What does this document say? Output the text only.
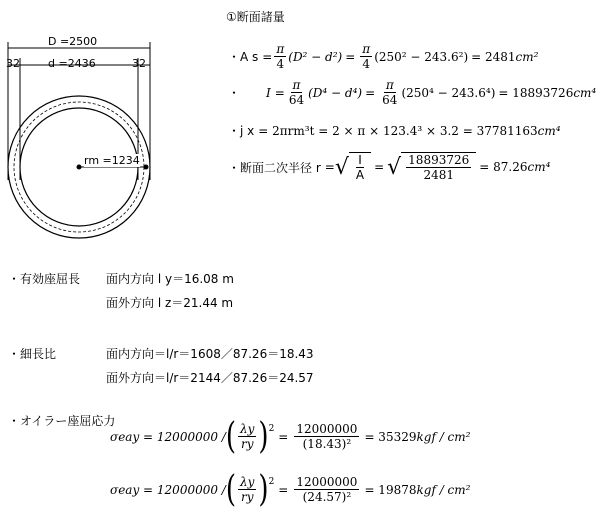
①断面諸量
D =2500
32	d =2436	32
rm =1234
・ A $s = \frac{\pi}{4} (D^2 - d^2) = \frac{\pi}{4} (250^2 - 243.6^2) = 2481$ cm²
・ $I = \frac{\pi}{64} (D^4 - d^4) = \frac{\pi}{64} (250^4 - 243.6^4) = 18893726$ cm⁴
・ j x = 2πrm³t = 2 × π × 123.4³ × 3.2 = 37781163 cm⁴
・ 断面二次半径 r = √ $\frac{I}{A}$ = √ $\frac{18893726}{2481} = 87.26$ cm⁴
・有効座屈長 面内方向 l y＝16.08 m
面外方向 l z＝21.44 m
・細長比	面内方向＝l/r＝1608／87.26＝18.43
面外方向＝l/r＝2144／87.26＝24.57
・オイラー座屈応力
σeay = 12000000 / ( $\frac{\lambda y}{ry}$ ) 2
= $\frac{12000000}{\text{(18.43)²}} = 35329$ kgf / cm²
σeay = 12000000 / ( $\frac{\lambda y}{ry}$ ) 2
= $\frac{12000000}{\text{(24.57)²}} = 19878$ kgf / cm²
